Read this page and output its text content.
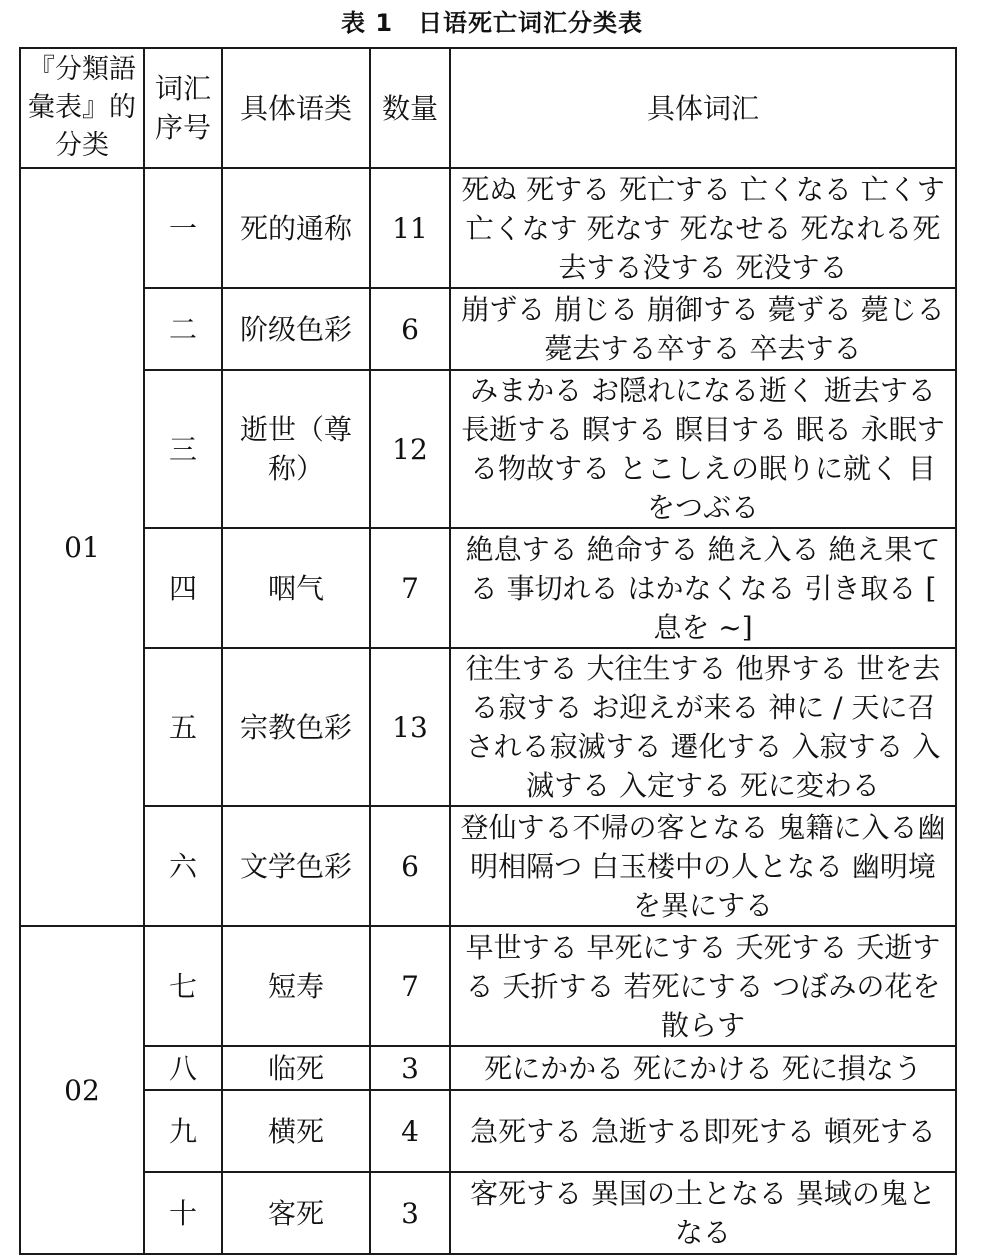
表 1　日语死亡词汇分类表
『分類語彙表』的分类	词汇序号	具体语类	数量	具体词汇
01	一	死的通称	11	死ぬ 死する 死亡する 亡くなる 亡くす 亡くなす 死なす 死なせる 死なれる死去する没する 死没する
	二	阶级色彩	6	崩ずる 崩じる 崩御する 薨ずる 薨じる　 薨去する卒する 卒去する
	三	逝世（尊称）	12	みまかる お隠れになる逝く 逝去する 長逝する 瞑する 瞑目する 眠る 永眠する物故する とこしえの眠りに就く 目をつぶる
	四	咽气	7	絶息する 絶命する 絶え入る 絶え果てる 事切れる はかなくなる 引き取る [ 息を ~]
	五	宗教色彩	13	往生する 大往生する 他界する 世を去る寂する お迎えが来る 神に / 天に召される寂滅する 遷化する 入寂する 入滅する 入定する 死に変わる
	六	文学色彩	6	登仙する不帰の客となる 鬼籍に入る幽明相隔つ 白玉楼中の人となる 幽明境を異にする
02	七	短寿	7	早世する 早死にする 夭死する 夭逝する 夭折する 若死にする つぼみの花を散らす
	八	临死	3	死にかかる 死にかける 死に損なう
	九	横死	4	急死する 急逝する即死する 頓死する
	十	客死	3	客死する 異国の土となる 異域の鬼となる
